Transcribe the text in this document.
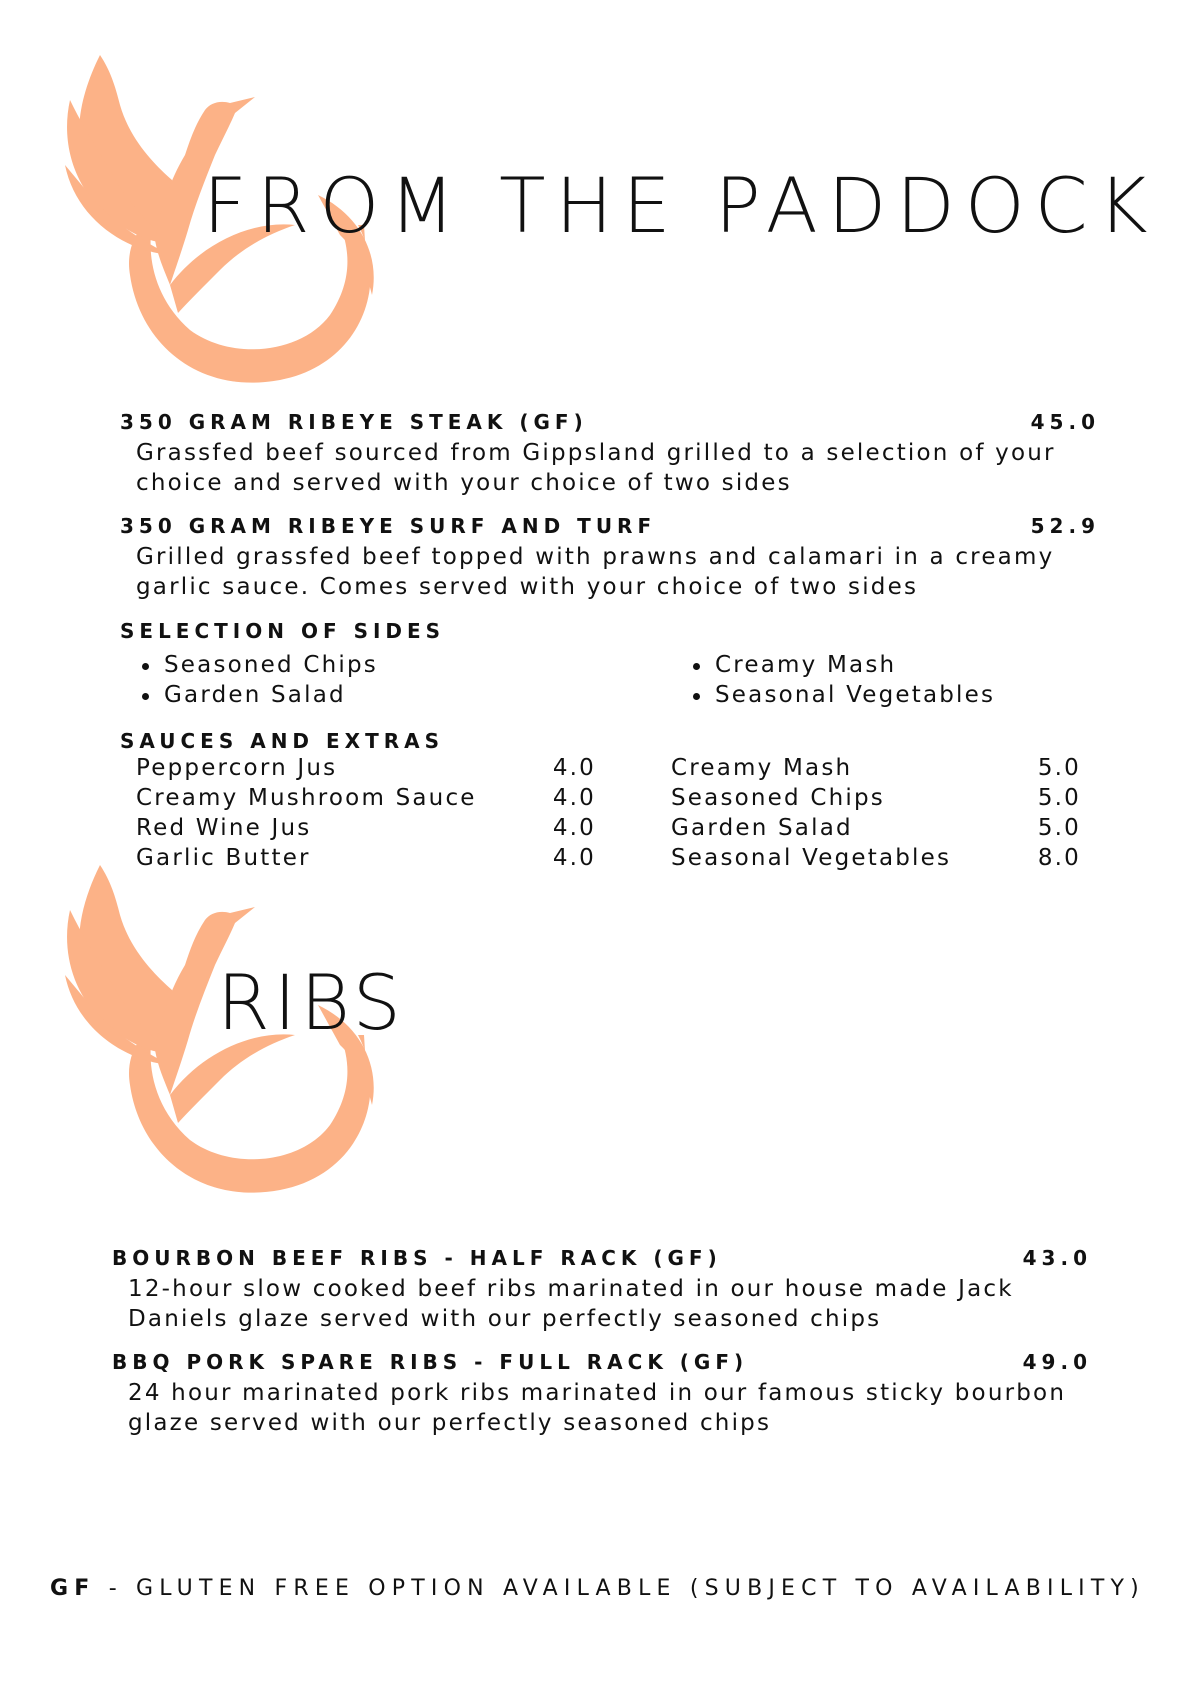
FROM THE PADDOCK
350 GRAM RIBEYE STEAK (GF)	45.0
Grassfed beef sourced from Gippsland grilled to a selection of your choice and served with your choice of two sides
350 GRAM RIBEYE SURF AND TURF	52.9
Grilled grassfed beef topped with prawns and calamari in a creamy garlic sauce. Comes served with your choice of two sides
SELECTION OF SIDES
Seasoned Chips
Garden Salad
Creamy Mash
Seasonal Vegetables
SAUCES AND EXTRAS
Peppercorn Jus	4.0
Creamy Mushroom Sauce	4.0
Red Wine Jus	4.0
Garlic Butter	4.0
Creamy Mash	5.0
Seasoned Chips	5.0
Garden Salad	5.0
Seasonal Vegetables	8.0
RIBS
BOURBON BEEF RIBS - HALF RACK (GF)	43.0
12-hour slow cooked beef ribs marinated in our house made Jack Daniels glaze served with our perfectly seasoned chips
BBQ PORK SPARE RIBS - FULL RACK (GF)	49.0
24 hour marinated pork ribs marinated in our famous sticky bourbon glaze served with our perfectly seasoned chips
GF - GLUTEN FREE OPTION AVAILABLE (SUBJECT TO AVAILABILITY)
